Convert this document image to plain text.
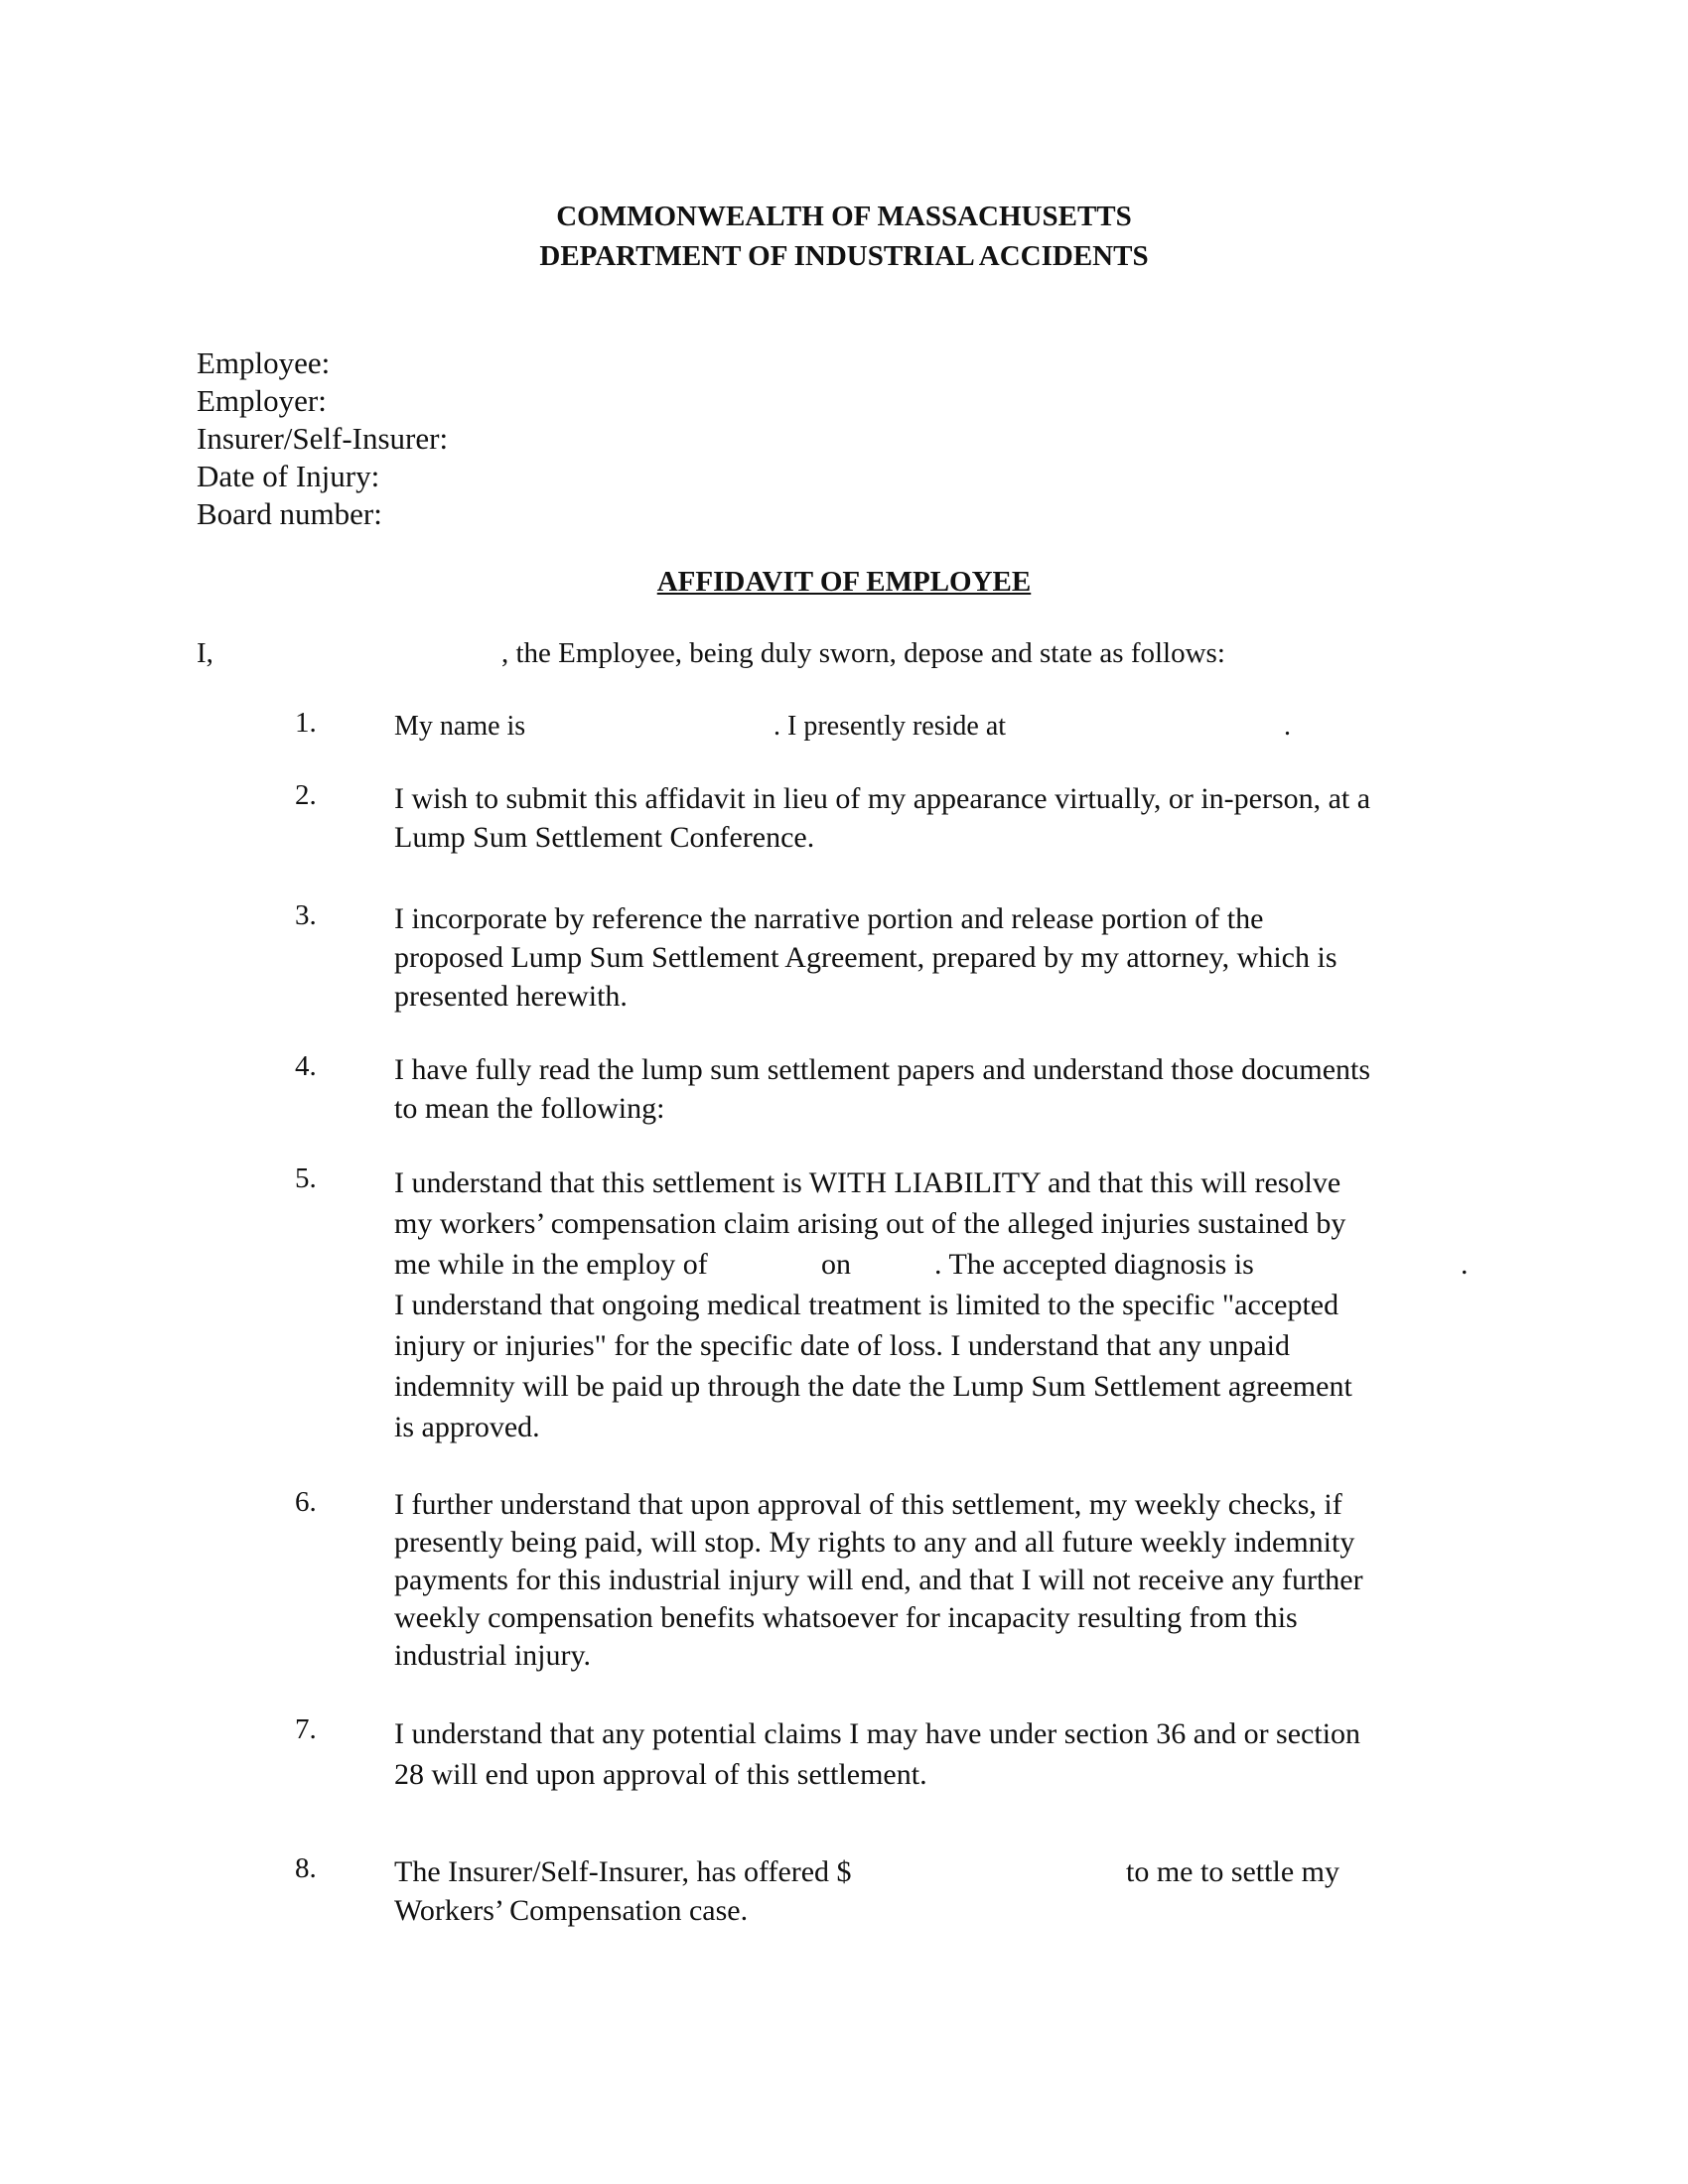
COMMONWEALTH OF MASSACHUSETTS
DEPARTMENT OF INDUSTRIAL ACCIDENTS
Employee:
Employer:
Insurer/Self-Insurer:
Date of Injury:
Board number:
AFFIDAVIT OF EMPLOYEE
I,	, the Employee, being duly sworn, depose and state as follows:
1.	My name is	. I presently reside at	.
2.	I wish to submit this affidavit in lieu of my appearance virtually, or in-person, at a
Lump Sum Settlement Conference.
3.	I incorporate by reference the narrative portion and release portion of the
proposed Lump Sum Settlement Agreement, prepared by my attorney, which is
presented herewith.
4.	I have fully read the lump sum settlement papers and understand those documents
to mean the following:
5.	I understand that this settlement is WITH LIABILITY and that this will resolve
my workers’ compensation claim arising out of the alleged injuries sustained by
me while in the employ of	on	. The accepted diagnosis is	.
I understand that ongoing medical treatment is limited to the specific "accepted
injury or injuries" for the specific date of loss. I understand that any unpaid
indemnity will be paid up through the date the Lump Sum Settlement agreement
is approved.
6.	I further understand that upon approval of this settlement, my weekly checks, if
presently being paid, will stop. My rights to any and all future weekly indemnity
payments for this industrial injury will end, and that I will not receive any further
weekly compensation benefits whatsoever for incapacity resulting from this
industrial injury.
7.	I understand that any potential claims I may have under section 36 and or section
28 will end upon approval of this settlement.
8.	The Insurer/Self-Insurer, has offered $	to me to settle my
Workers’ Compensation case.
